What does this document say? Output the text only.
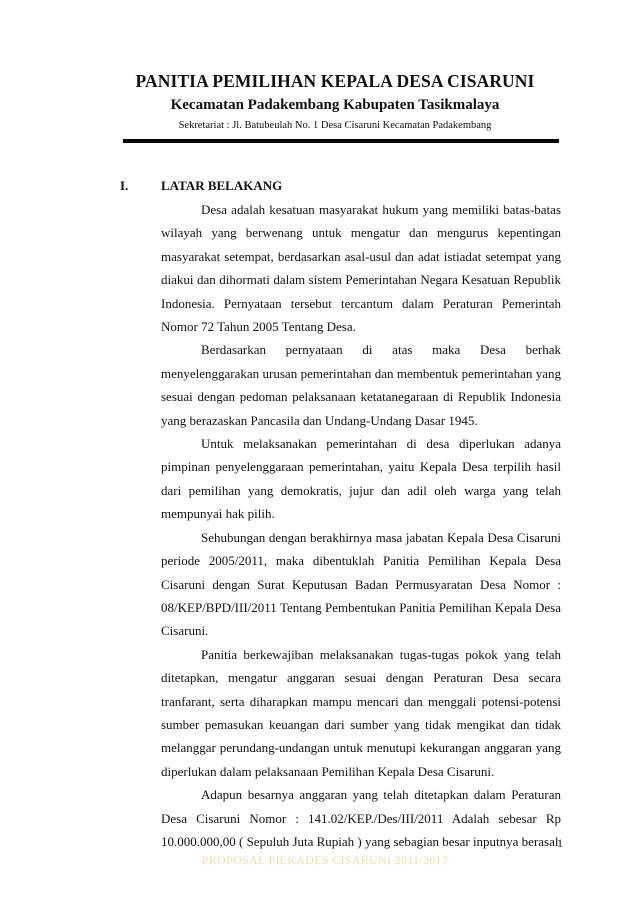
PANITIA PEMILIHAN KEPALA DESA CISARUNI
Kecamatan Padakembang Kabupaten Tasikmalaya
Sekretariat : Jl. Batubeulah No. 1 Desa Cisaruni Kecamatan Padakembang
I.	LATAR BELAKANG

Desa adalah kesatuan masyarakat hukum yang memiliki batas-batas wilayah yang berwenang untuk mengatur dan mengurus kepentingan masyarakat setempat, berdasarkan asal-usul dan adat istiadat setempat yang diakui dan dihormati dalam sistem Pemerintahan Negara Kesatuan Republik Indonesia. Pernyataan tersebut tercantum dalam Peraturan Pemerintah Nomor 72 Tahun 2005 Tentang Desa.

Berdasarkan pernyataan di atas maka Desa berhak menyelenggarakan urusan pemerintahan dan membentuk pemerintahan yang sesuai dengan pedoman pelaksanaan ketatanegaraan di Republik Indonesia yang berazaskan Pancasila dan Undang-Undang Dasar 1945.

Untuk melaksanakan pemerintahan di desa diperlukan adanya pimpinan penyelenggaraan pemerintahan, yaitu Kepala Desa terpilih hasil dari pemilihan yang demokratis, jujur dan adil oleh warga yang telah mempunyai hak pilih.

Sehubungan dengan berakhirnya masa jabatan Kepala Desa Cisaruni periode 2005/2011, maka dibentuklah Panitia Pemilihan Kepala Desa Cisaruni dengan Surat Keputusan Badan Permusyaratan Desa Nomor : 08/KEP/BPD/III/2011 Tentang Pembentukan Panitia Pemilihan Kepala Desa Cisaruni.

Panitia berkewajiban melaksanakan tugas-tugas pokok yang telah ditetapkan, mengatur anggaran sesuai dengan Peraturan Desa secara tranfarant, serta diharapkan mampu mencari dan menggali potensi-potensi sumber pemasukan keuangan dari sumber yang tidak mengikat dan tidak melanggar perundang-undangan untuk menutupi kekurangan anggaran yang diperlukan dalam pelaksanaan Pemilihan Kepala Desa Cisaruni.

Adapun besarnya anggaran yang telah ditetapkan dalam Peraturan Desa Cisaruni Nomor : 141.02/KEP./Des/III/2011 Adalah sebesar Rp 10.000.000,00 ( Sepuluh Juta Rupiah ) yang sebagian besar inputnya berasal

1
PROPOSAL PILKADES CISARUNI 2011/2017
